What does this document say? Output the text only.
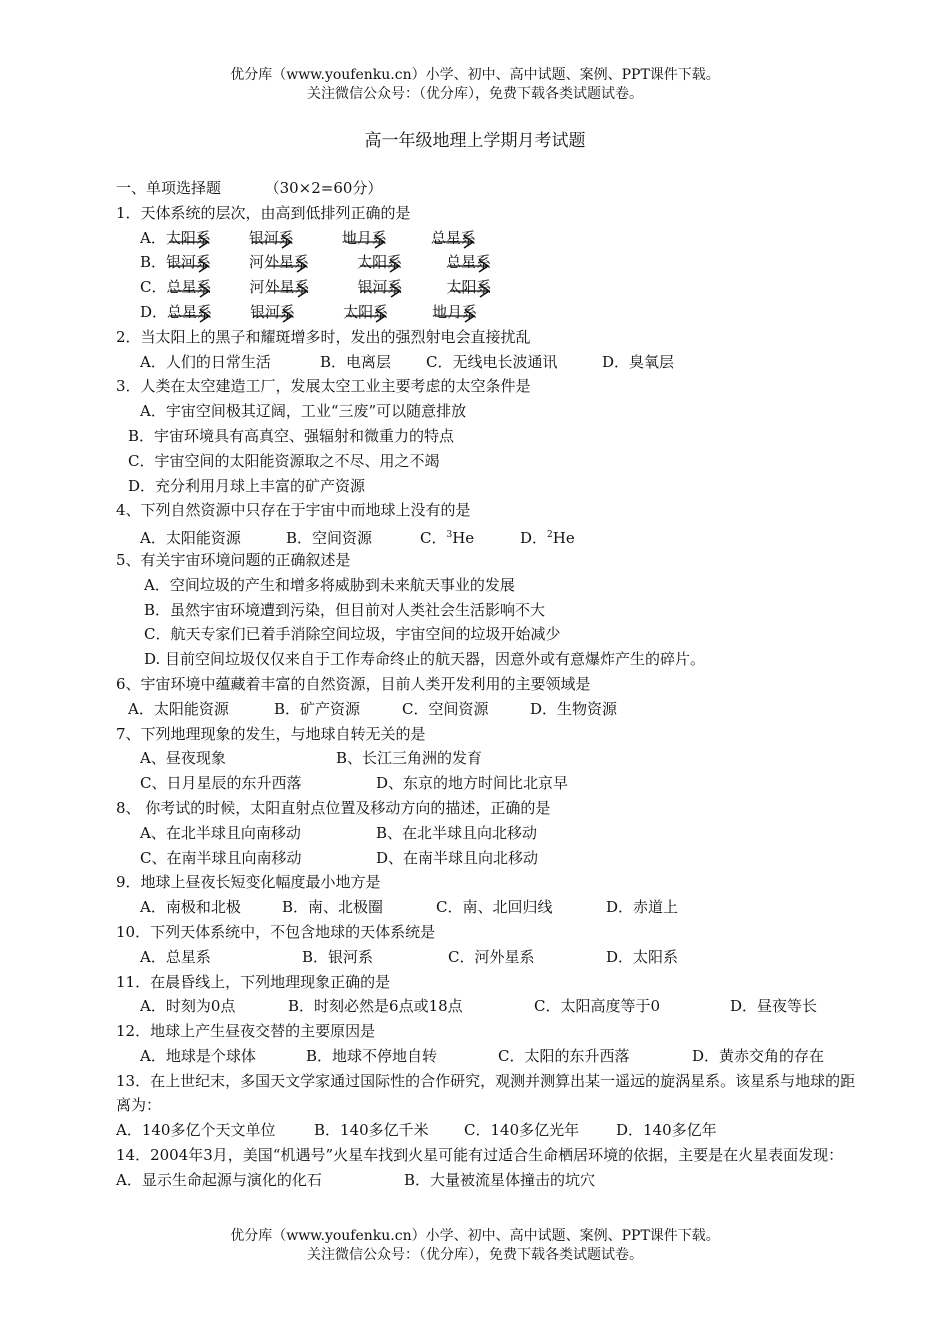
优分库（www.youfenku.cn）小学、初中、高中试题、案例、PPT课件下载。
关注微信公众号：（优分库），免费下载各类试题试卷。
高一年级地理上学期月考试题
一、单项选择题	（30×2=60分）
1．天体系统的层次，由高到低排列正确的是
A．太阳系	银河系	地月系	总星系
B．银河系	河外星系	太阳系	总星系
C．总星系	河外星系	银河系	太阳系
D．总星系	银河系	太阳系	地月系
2．当太阳上的黑子和耀斑增多时，发出的强烈射电会直接扰乱
A．人们的日常生活	B．电离层 C．无线电长波通讯	D．臭氧层
3．人类在太空建造工厂，发展太空工业主要考虑的太空条件是
A．宇宙空间极其辽阔，工业“三废”可以随意排放
B．宇宙环境具有高真空、强辐射和微重力的特点
C．宇宙空间的太阳能资源取之不尽、用之不竭
D．充分利用月球上丰富的矿产资源
4、下列自然资源中只存在于宇宙中而地球上没有的是
A．太阳能资源	B．空间资源	C．$^3$He	D．$^2$He
5、有关宇宙环境问题的正确叙述是
A．空间垃圾的产生和增多将威胁到未来航天事业的发展
B．虽然宇宙环境遭到污染，但目前对人类社会生活影响不大
C．航天专家们已着手消除空间垃圾，宇宙空间的垃圾开始减少
D. 目前空间垃圾仅仅来自于工作寿命终止的航天器，因意外或有意爆炸产生的碎片。
6、宇宙环境中蕴藏着丰富的自然资源，目前人类开发利用的主要领域是
A．太阳能资源	B．矿产资源	C．空间资源	D．生物资源
7、下列地理现象的发生，与地球自转无关的是
A、昼夜现象	B、长江三角洲的发育
C、日月星辰的东升西落	D、东京的地方时间比北京早
8、 你考试的时候，太阳直射点位置及移动方向的描述，正确的是
A、在北半球且向南移动	B、在北半球且向北移动
C、在南半球且向南移动	D、在南半球且向北移动
9．地球上昼夜长短变化幅度最小地方是
A．南极和北极	B．南、北极圈	C．南、北回归线	D．赤道上
10．下列天体系统中，不包含地球的天体系统是
A．总星系	B．银河系	C．河外星系	D．太阳系
11．在晨昏线上，下列地理现象正确的是
A．时刻为0点	B．时刻必然是6点或18点	C．太阳高度等于0	D．昼夜等长
12．地球上产生昼夜交替的主要原因是
A．地球是个球体	B．地球不停地自转	C．太阳的东升西落	D．黄赤交角的存在
13．在上世纪末，多国天文学家通过国际性的合作研究，观测并测算出某一遥远的旋涡星系。该星系与地球的距离为：
A．140多亿个天文单位	B．140多亿千米 C．140多亿光年 D．140多亿年
14．2004年3月，美国“机遇号”火星车找到火星可能有过适合生命栖居环境的依据，主要是在火星表面发现：
A．显示生命起源与演化的化石	B．大量被流星体撞击的坑穴
优分库（www.youfenku.cn）小学、初中、高中试题、案例、PPT课件下载。
关注微信公众号：（优分库），免费下载各类试题试卷。
